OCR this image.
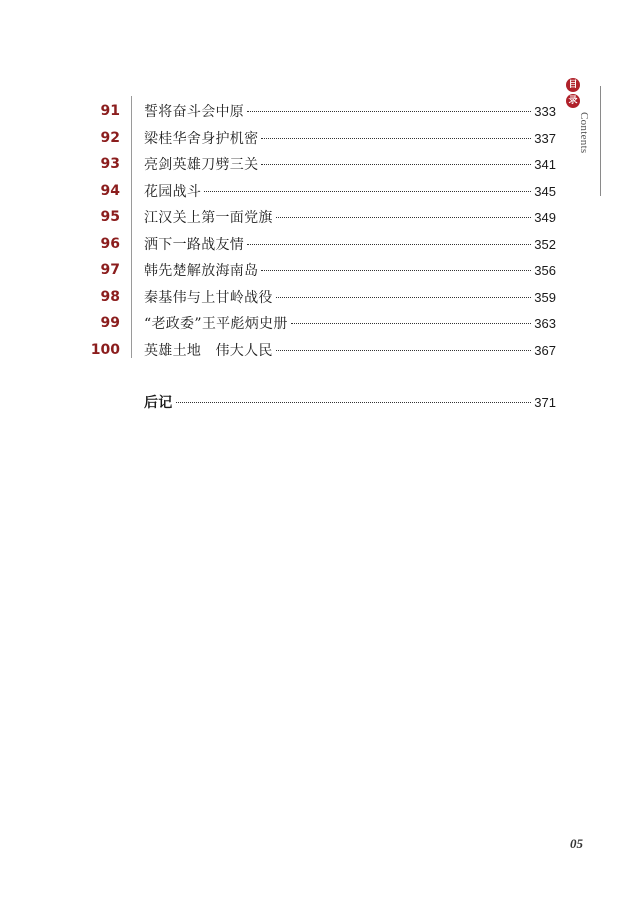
目
录
Contents
91 誓将奋斗会中原	333
92 梁桂华舍身护机密	337
93 亮剑英雄刀劈三关	341
94 花园战斗	345
95 江汉关上第一面党旗	349
96 洒下一路战友情	352
97 韩先楚解放海南岛	356
98 秦基伟与上甘岭战役	359
99 “老政委”王平彪炳史册	363
100 英雄土地　伟大人民	367
后记	371
05
